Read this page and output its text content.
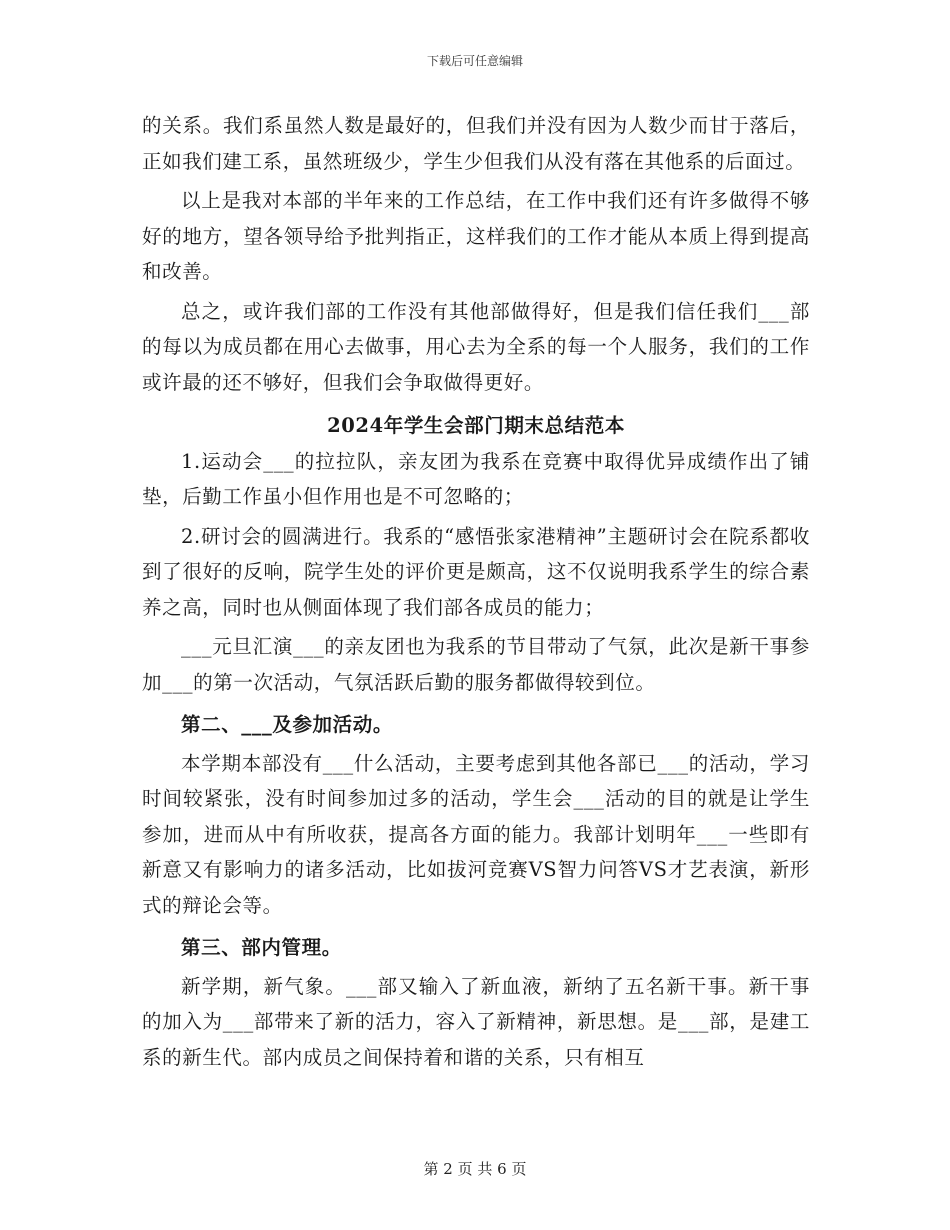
下载后可任意编辑

的关系。我们系虽然人数是最好的，但我们并没有因为人数少而甘于落后，正如我们建工系，虽然班级少，学生少但我们从没有落在其他系的后面过。

以上是我对本部的半年来的工作总结，在工作中我们还有许多做得不够好的地方，望各领导给予批判指正，这样我们的工作才能从本质上得到提高和改善。

总之，或许我们部的工作没有其他部做得好，但是我们信任我们___部的每以为成员都在用心去做事，用心去为全系的每一个人服务，我们的工作或许最的还不够好，但我们会争取做得更好。

2024年学生会部门期末总结范本

1.运动会___的拉拉队，亲友团为我系在竞赛中取得优异成绩作出了铺垫，后勤工作虽小但作用也是不可忽略的；

2.研讨会的圆满进行。我系的“感悟张家港精神”主题研讨会在院系都收到了很好的反响，院学生处的评价更是颇高，这不仅说明我系学生的综合素养之高，同时也从侧面体现了我们部各成员的能力；

___元旦汇演___的亲友团也为我系的节目带动了气氛，此次是新干事参加___的第一次活动，气氛活跃后勤的服务都做得较到位。

第二、___及参加活动。

本学期本部没有___什么活动，主要考虑到其他各部已___的活动，学习时间较紧张，没有时间参加过多的活动，学生会___活动的目的就是让学生参加，进而从中有所收获，提高各方面的能力。我部计划明年___一些即有新意又有影响力的诸多活动，比如拔河竞赛VS智力问答VS才艺表演，新形式的辩论会等。

第三、部内管理。

新学期，新气象。___部又输入了新血液，新纳了五名新干事。新干事的加入为___部带来了新的活力，容入了新精神，新思想。是___部，是建工系的新生代。部内成员之间保持着和谐的关系，只有相互

第 2 页 共 6 页
